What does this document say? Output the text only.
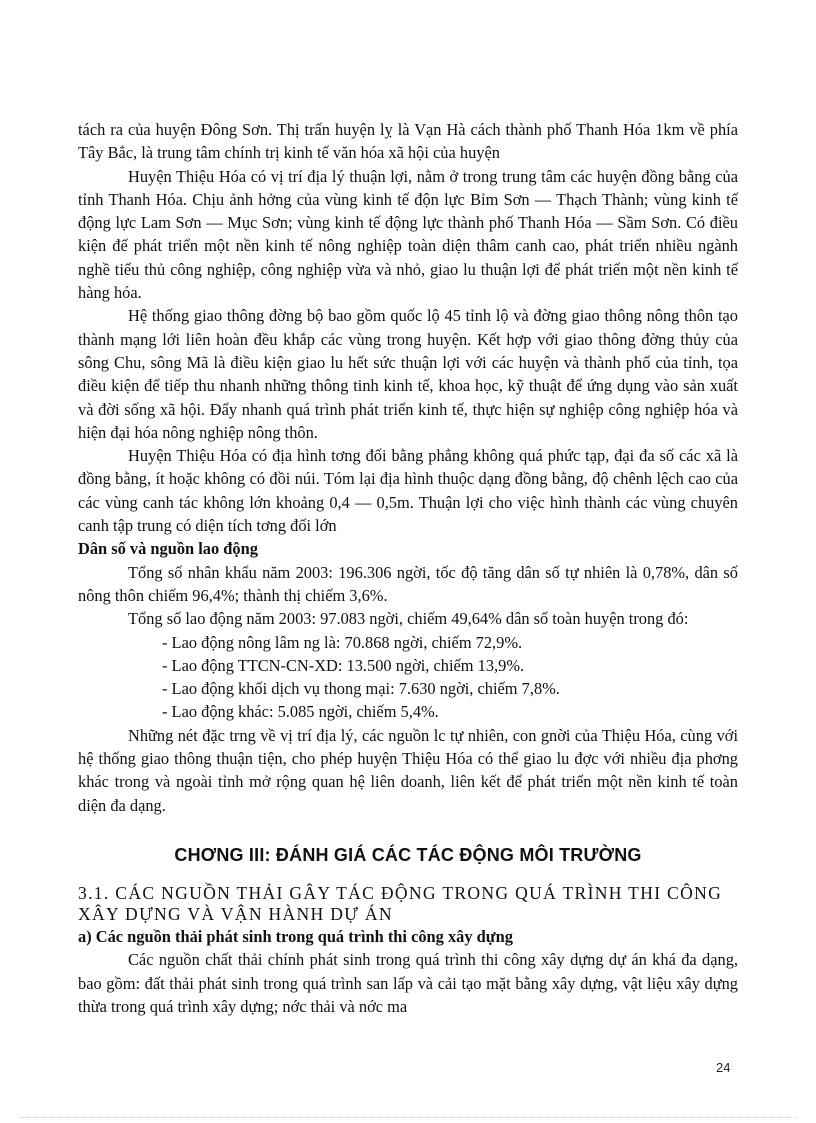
tách ra của huyện Đông Sơn. Thị trấn huyện lỵ là Vạn Hà cách thành phố Thanh Hóa 1km về phía Tây Bắc, là trung tâm chính trị kinh tế văn hóa xã hội của huyện

Huyện Thiệu Hóa có vị trí địa lý thuận lợi, nằm ở trong trung tâm các huyện đồng bằng của tỉnh Thanh Hóa. Chịu ảnh hởng của vùng kinh tế độn lực Bỉm Sơn — Thạch Thành; vùng kinh tế động lực Lam Sơn — Mục Sơn; vùng kinh tế động lực thành phố Thanh Hóa — Sầm Sơn. Có điều kiện để phát triển một nền kinh tế nông nghiệp toàn diện thâm canh cao, phát triển nhiều ngành nghề tiểu thủ công nghiệp, công nghiệp vừa và nhỏ, giao lu thuận lợi để phát triển một nền kinh tế hàng hóa.

Hệ thống giao thông đờng bộ bao gồm quốc lộ 45 tỉnh lộ và đờng giao thông nông thôn tạo thành mạng lới liên hoàn đều khắp các vùng trong huyện. Kết hợp với giao thông đờng thủy của sông Chu, sông Mã là điều kiện giao lu hết sức thuận lợi với các huyện và thành phố của tỉnh, tọa điều kiện để tiếp thu nhanh những thông tinh kinh tế, khoa học, kỹ thuật để ứng dụng vào sản xuất và đời sống xã hội. Đẩy nhanh quá trình phát triển kinh tế, thực hiện sự nghiệp công nghiệp hóa và hiện đại hóa nông nghiệp nông thôn.

Huyện Thiệu Hóa có địa hình tơng đối bằng phẳng không quá phức tạp, đại đa số các xã là đồng bằng, ít hoặc không có đồi núi. Tóm lại địa hình thuộc dạng đồng bằng, độ chênh lệch cao của các vùng canh tác không lớn khoảng 0,4 — 0,5m. Thuận lợi cho việc hình thành các vùng chuyên canh tập trung có diện tích tơng đối lớn

Dân số và nguồn lao động

Tổng số nhân khẩu năm 2003: 196.306 ngời, tốc độ tăng dân số tự nhiên là 0,78%, dân số nông thôn chiếm 96,4%; thành thị chiếm 3,6%.

Tổng số lao động năm 2003: 97.083 ngời, chiếm 49,64% dân số toàn huyện trong đó:

- Lao động nông lâm ng là: 70.868 ngời, chiếm 72,9%.

- Lao động TTCN-CN-XD: 13.500 ngời, chiếm 13,9%.

- Lao động khối dịch vụ thong mại: 7.630 ngời, chiếm 7,8%.

- Lao động khác: 5.085 ngời, chiếm 5,4%.

Những nét đặc trng về vị trí địa lý, các nguồn lc tự nhiên, con gnời của Thiệu Hóa, cùng với hệ thống giao thông thuận tiện, cho phép huyện Thiệu Hóa có thể giao lu đợc với nhiều địa phơng khác trong và ngoài tỉnh mở rộng quan hệ liên doanh, liên kết để phát triển một nền kinh tế toàn diện đa dạng.

CHƠNG III: ĐÁNH GIÁ CÁC TÁC ĐỘNG MÔI TRƯỜNG

3.1. CÁC NGUỒN THẢI GÂY TÁC ĐỘNG TRONG QUÁ TRÌNH THI CÔNG XÂY DỰNG VÀ VẬN HÀNH DỰ ÁN

a) Các nguồn thải phát sinh trong quá trình thi công xây dựng

Các nguồn chất thải chính phát sinh trong quá trình thi công xây dựng dự án khá đa dạng, bao gồm: đất thải phát sinh trong quá trình san lấp và cải tạo mặt bằng xây dựng, vật liệu xây dựng thừa trong quá trình xây dựng; nớc thải và nớc ma

24
